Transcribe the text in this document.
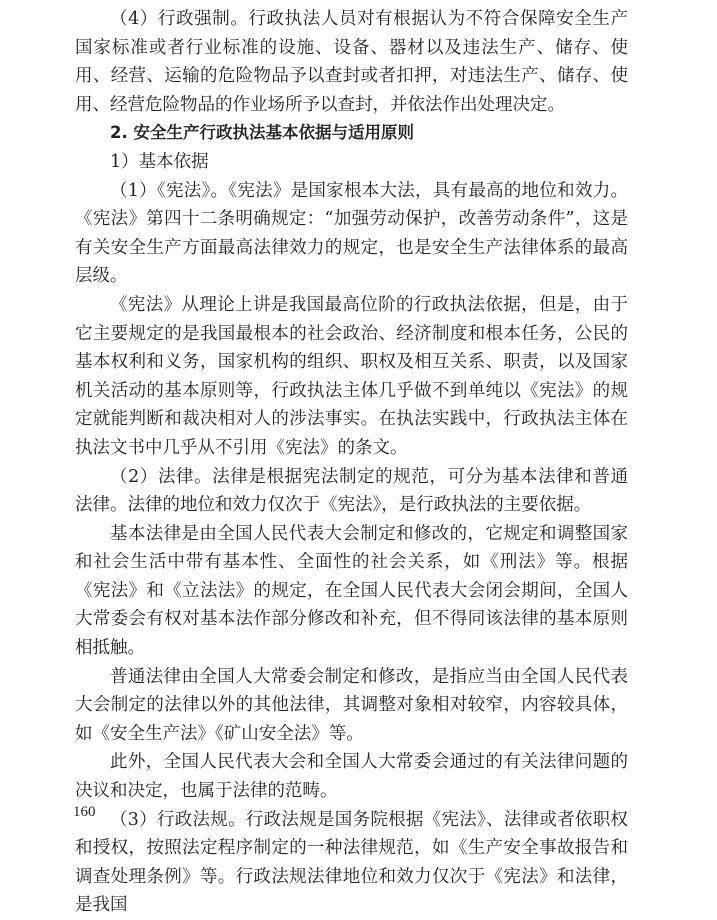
（4）行政强制。行政执法人员对有根据认为不符合保障安全生产国家标准或者行业标准的设施、设备、器材以及违法生产、储存、使用、经营、运输的危险物品予以查封或者扣押，对违法生产、储存、使用、经营危险物品的作业场所予以查封，并依法作出处理决定。

2. 安全生产行政执法基本依据与适用原则

1）基本依据

（1）《宪法》。《宪法》是国家根本大法，具有最高的地位和效力。《宪法》第四十二条明确规定：“加强劳动保护，改善劳动条件”，这是有关安全生产方面最高法律效力的规定，也是安全生产法律体系的最高层级。

《宪法》从理论上讲是我国最高位阶的行政执法依据，但是，由于它主要规定的是我国最根本的社会政治、经济制度和根本任务，公民的基本权利和义务，国家机构的组织、职权及相互关系、职责，以及国家机关活动的基本原则等，行政执法主体几乎做不到单纯以《宪法》的规定就能判断和裁决相对人的涉法事实。在执法实践中，行政执法主体在执法文书中几乎从不引用《宪法》的条文。

（2）法律。法律是根据宪法制定的规范，可分为基本法律和普通法律。法律的地位和效力仅次于《宪法》，是行政执法的主要依据。

基本法律是由全国人民代表大会制定和修改的，它规定和调整国家和社会生活中带有基本性、全面性的社会关系，如《刑法》等。根据《宪法》和《立法法》的规定，在全国人民代表大会闭会期间，全国人大常委会有权对基本法作部分修改和补充，但不得同该法律的基本原则相抵触。

普通法律由全国人大常委会制定和修改，是指应当由全国人民代表大会制定的法律以外的其他法律，其调整对象相对较窄，内容较具体，如《安全生产法》《矿山安全法》等。

此外，全国人民代表大会和全国人大常委会通过的有关法律问题的决议和决定，也属于法律的范畴。

（3）行政法规。行政法规是国务院根据《宪法》、法律或者依职权和授权，按照法定程序制定的一种法律规范，如《生产安全事故报告和调查处理条例》等。行政法规法律地位和效力仅次于《宪法》和法律，是我国

160
